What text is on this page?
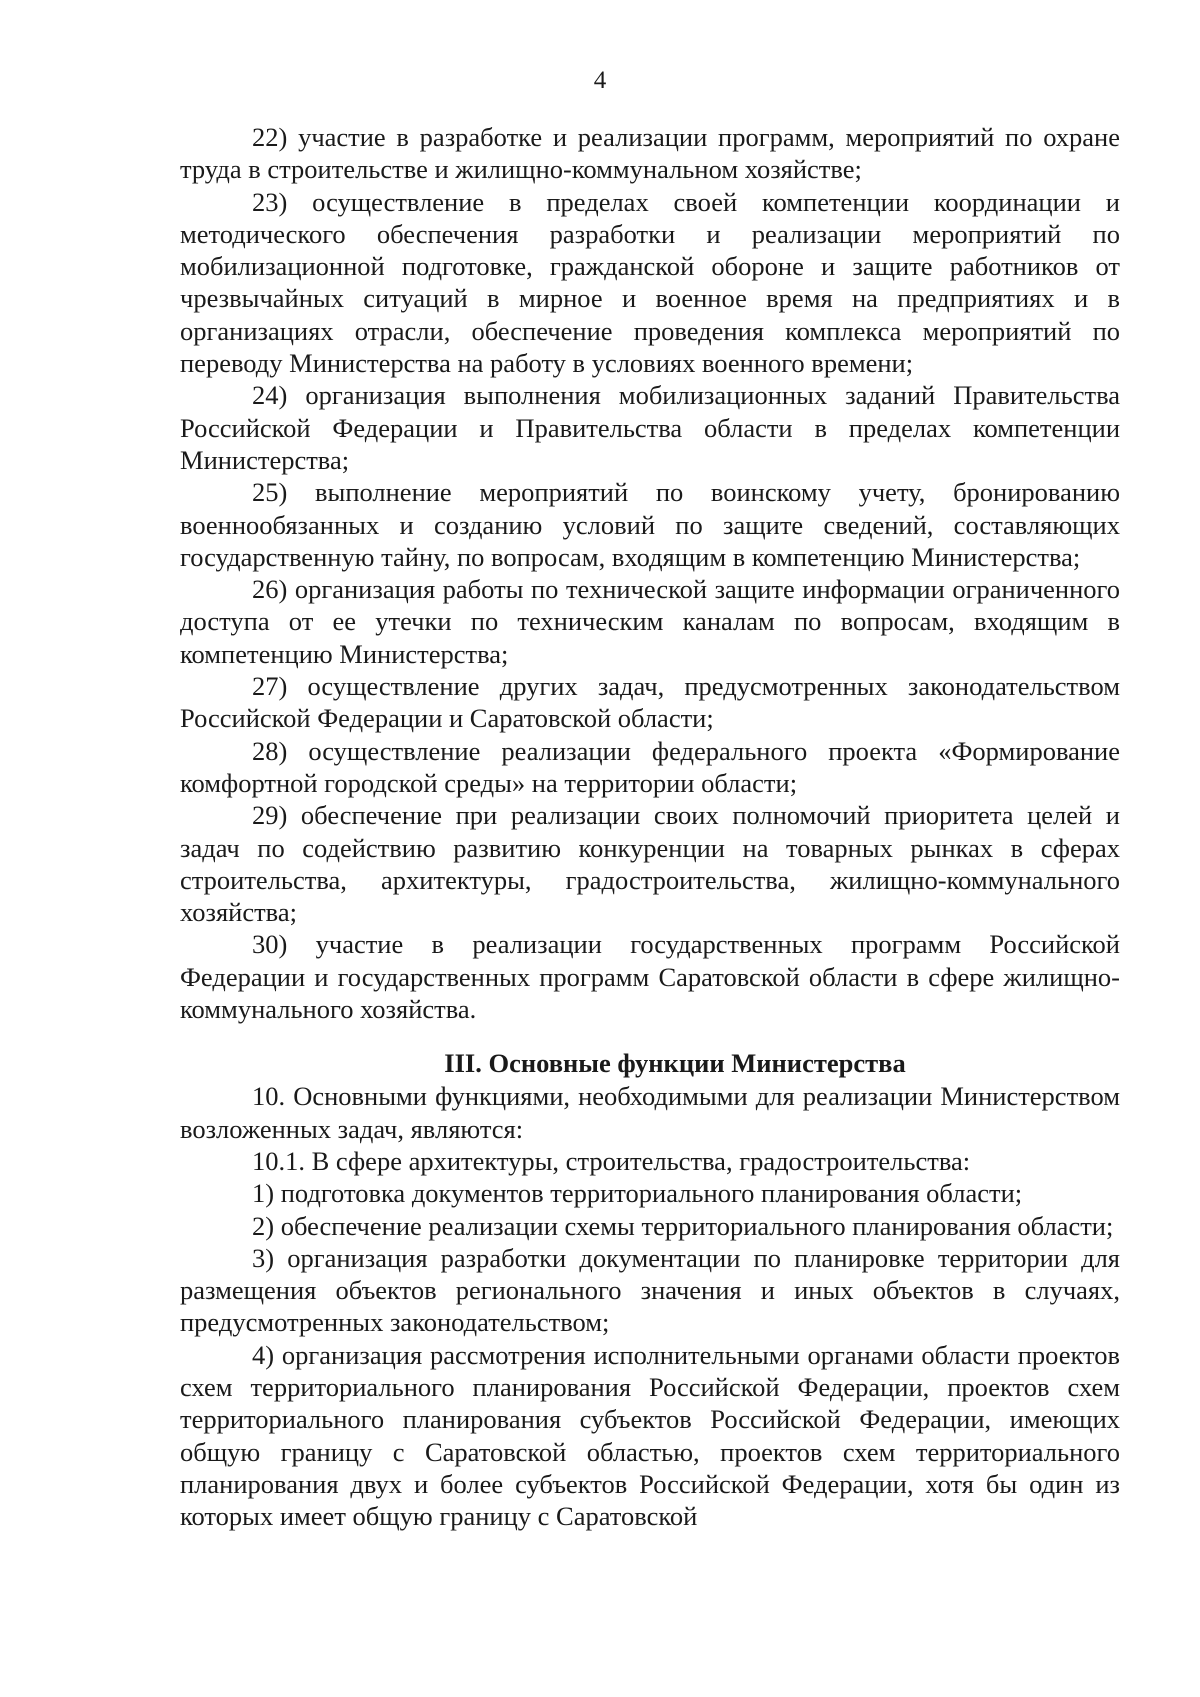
4

22) участие в разработке и реализации программ, мероприятий по охране труда в строительстве и жилищно-коммунальном хозяйстве;

23) осуществление в пределах своей компетенции координации и методического обеспечения разработки и реализации мероприятий по мобилизационной подготовке, гражданской обороне и защите работников от чрезвычайных ситуаций в мирное и военное время на предприятиях и в организациях отрасли, обеспечение проведения комплекса мероприятий по переводу Министерства на работу в условиях военного времени;

24) организация выполнения мобилизационных заданий Правительства Российской Федерации и Правительства области в пределах компетенции Министерства;

25) выполнение мероприятий по воинскому учету, бронированию военнообязанных и созданию условий по защите сведений, составляющих государственную тайну, по вопросам, входящим в компетенцию Министерства;

26) организация работы по технической защите информации ограниченного доступа от ее утечки по техническим каналам по вопросам, входящим в компетенцию Министерства;

27) осуществление других задач, предусмотренных законодательством Российской Федерации и Саратовской области;

28) осуществление реализации федерального проекта «Формирование комфортной городской среды» на территории области;

29) обеспечение при реализации своих полномочий приоритета целей и задач по содействию развитию конкуренции на товарных рынках в сферах строительства, архитектуры, градостроительства, жилищно-коммунального хозяйства;

30) участие в реализации государственных программ Российской Федерации и государственных программ Саратовской области в сфере жилищно-коммунального хозяйства.

III. Основные функции Министерства

10. Основными функциями, необходимыми для реализации Министерством возложенных задач, являются:

10.1. В сфере архитектуры, строительства, градостроительства:

1) подготовка документов территориального планирования области;

2) обеспечение реализации схемы территориального планирования области;

3) организация разработки документации по планировке территории для размещения объектов регионального значения и иных объектов в случаях, предусмотренных законодательством;

4) организация рассмотрения исполнительными органами области проектов схем территориального планирования Российской Федерации, проектов схем территориального планирования субъектов Российской Федерации, имеющих общую границу с Саратовской областью, проектов схем территориального планирования двух и более субъектов Российской Федерации, хотя бы один из которых имеет общую границу с Саратовской
